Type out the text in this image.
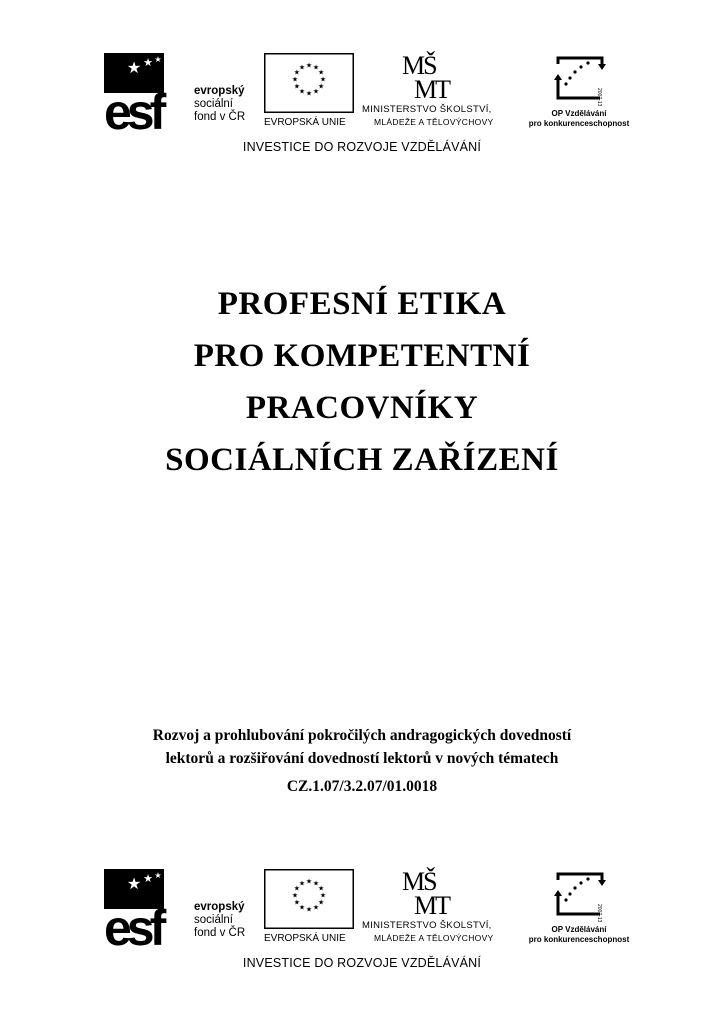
★ ★ ★
esf	evropský
sociální
fond v ČR
★ ★
★
★
★
★
★
★
★
★
★
★
EVROPSKÁ UNIE
MŠ
MT
MINISTERSTVO ŠKOLSTVÍ,
MLÁDEŽE A TĚLOVÝCHOVY
2007-13
OP Vzdělávání
pro konkurenceschopnost
INVESTICE DO ROZVOJE VZDĚLÁVÁNÍ
PROFESNÍ ETIKA
PRO KOMPETENTNÍ
PRACOVNÍKY
SOCIÁLNÍCH ZAŘÍZENÍ
Rozvoj a prohlubování pokročilých andragogických dovedností
lektorů a rozšiřování dovedností lektorů v nových tématech
CZ.1.07/3.2.07/01.0018
★ ★ ★
esf	evropský
sociální
fond v ČR
★ ★
★
★
★
★
★
★
★
★
★
★
EVROPSKÁ UNIE
MŠ
MT
MINISTERSTVO ŠKOLSTVÍ,
MLÁDEŽE A TĚLOVÝCHOVY
2007-13
OP Vzdělávání
pro konkurenceschopnost
INVESTICE DO ROZVOJE VZDĚLÁVÁNÍ
